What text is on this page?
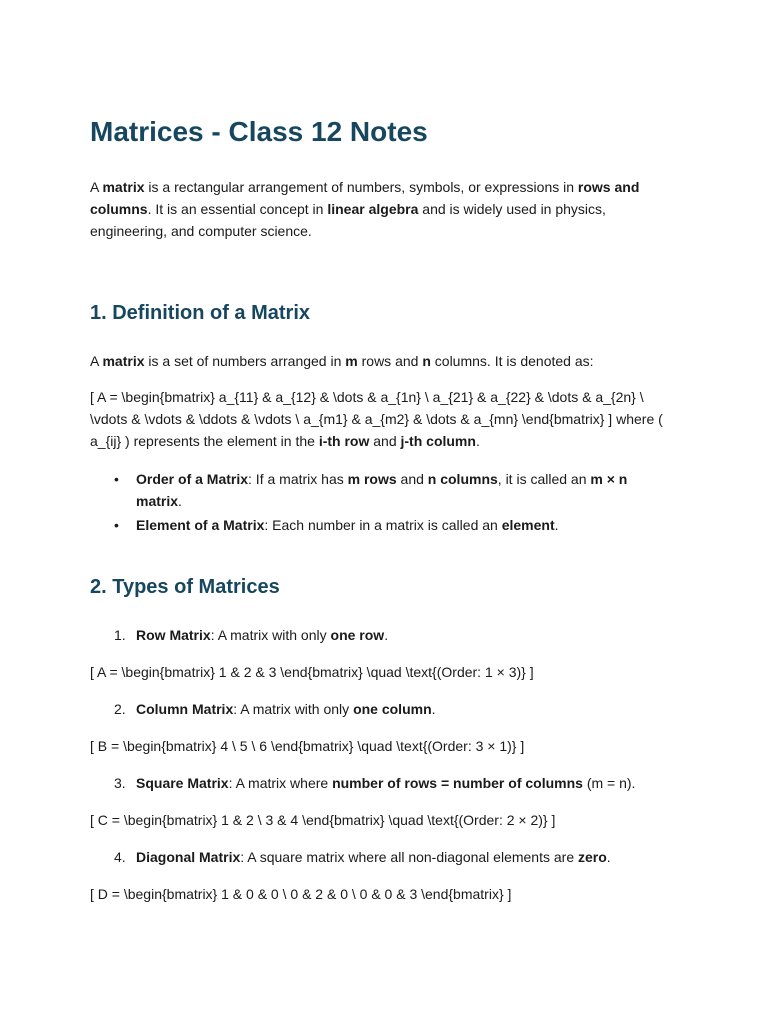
Matrices - Class 12 Notes

A matrix is a rectangular arrangement of numbers, symbols, or expressions in rows and columns. It is an essential concept in linear algebra and is widely used in physics, engineering, and computer science.

1. Definition of a Matrix

A matrix is a set of numbers arranged in m rows and n columns. It is denoted as:

[ A = \begin{bmatrix} a_{11} & a_{12} & \dots & a_{1n} \ a_{21} & a_{22} & \dots & a_{2n} \ \vdots & \vdots & \ddots & \vdots \ a_{m1} & a_{m2} & \dots & a_{mn} \end{bmatrix} ] where ( a_{ij} ) represents the element in the i-th row and j-th column.

• Order of a Matrix: If a matrix has m rows and n columns, it is called an m × n matrix.
• Element of a Matrix: Each number in a matrix is called an element.
2. Types of Matrices
1. Row Matrix: A matrix with only one row.

[ A = \begin{bmatrix} 1 & 2 & 3 \end{bmatrix} \quad \text{(Order: 1 × 3)} ]

2. Column Matrix: A matrix with only one column.

[ B = \begin{bmatrix} 4 \ 5 \ 6 \end{bmatrix} \quad \text{(Order: 3 × 1)} ]

3. Square Matrix: A matrix where number of rows = number of columns (m = n).

[ C = \begin{bmatrix} 1 & 2 \ 3 & 4 \end{bmatrix} \quad \text{(Order: 2 × 2)} ]

4. Diagonal Matrix: A square matrix where all non-diagonal elements are zero.

[ D = \begin{bmatrix} 1 & 0 & 0 \ 0 & 2 & 0 \ 0 & 0 & 3 \end{bmatrix} ]
